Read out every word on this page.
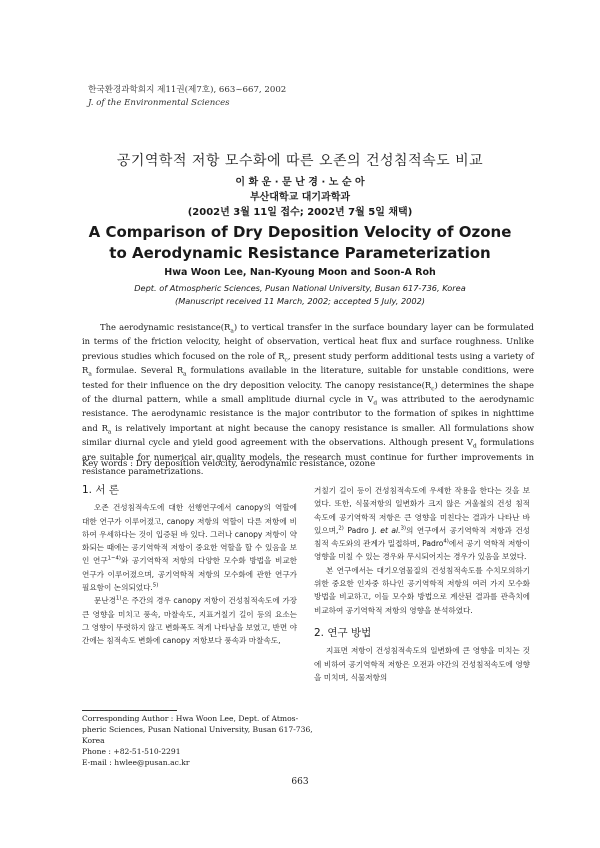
한국환경과학회지 제11권(제7호), 663~667, 2002
J. of the Environmental Sciences
공기역학적 저항 모수화에 따른 오존의 건성침적속도 비교
이 화 운 · 문 난 경 · 노 순 아
부산대학교 대기과학과
(2002년 3월 11일 접수; 2002년 7월 5일 채택)
A Comparison of Dry Deposition Velocity of Ozone
to Aerodynamic Resistance Parameterization
Hwa Woon Lee, Nan-Kyoung Moon and Soon-A Roh
Dept. of Atmospheric Sciences, Pusan National University, Busan 617-736, Korea
(Manuscript received 11 March, 2002; accepted 5 July, 2002)
The aerodynamic $resistance(R_a)$ to vertical transfer in the surface boundary layer can be formulated in terms of the friction velocity, height of observation, vertical heat flux and surface roughness. Unlike previous studies which focused on the role of $R_c$, present study perform additional tests using a variety of $R_a$ formulae. Several $R_a$ formulations available in the literature, suitable for unstable conditions, were tested for their influence on the dry deposition velocity. The canopy $resistance(R_c)$ determines the shape of the diurnal pattern, while a small amplitude diurnal cycle in $V_d$ was attributed to the aerodynamic resistance. The aerodynamic resistance is the major contributor to the formation of spikes in nighttime and $R_a$ is relatively important at night because the canopy resistance is smaller. All formulations show similar diurnal cycle and yield good agreement with the observations. Although present $V_d$ formulations are suitable for numerical air quality models, the research must continue for further improvements in resistance parametrizations.
Key words : Dry deposition velocity, aerodynamic resistance, ozone
1. 서 론

오존 건성침적속도에 대한 선행연구에서 canopy의 역할에 대한 연구가 이루어졌고, canopy 저항의 역할이 다른 저항에 비하여 우세하다는 것이 입증된 바 있다. 그러나 canopy 저항이 약화되는 때에는 공기역학적 저항이 중요한 역할을 할 수 있음을 보인 연구$^{1\sim 4)}$와 공기역학적 저항의 다양한 모수화 방법을 비교한 연구가 이루어졌으며, 공기역학적 저항의 모수화에 관한 연구가 필요함이 논의되었다.$^{5)}$

문난경$^{1)}$은 주간의 경우 canopy 저항이 건성침적속도에 가장 큰 영향을 미치고 풍속, 마찰속도, 지표거칠기 길이 등의 요소는 그 영향이 뚜렷하지 않고 변화폭도 적게 나타남을 보였고, 반면 야간에는 침적속도 변화에 canopy 저항보다 풍속과 마찰속도,

Corresponding Author : Hwa Woon Lee, Dept. of Atmos-
pheric Sciences, Pusan National University, Busan 617-736,
Korea
Phone : +82-51-510-2291
E-mail : hwlee@pusan.ac.kr

거칠기 길이 등이 건성침적속도에 우세한 작용을 한다는 것을 보였다. 또한, 식물저항의 일변화가 크지 않은 겨울철의 건성 침적 속도에 공기역학적 저항은 큰 영향을 미친다는 결과가 나타난 바 있으며,$^{2)}$ Padro J. et al.$^{3)}$의 연구에서 공기역학적 저항과 건성 침적 속도와의 관계가 밀접하며, Padro$^{4)}$에서 공기 역학적 저항이 영향을 미칠 수 있는 경우와 무시되어지는 경우가 있음을 보였다.

본 연구에서는 대기오염물질의 건성침적속도를 수치모의하기 위한 중요한 인자중 하나인 공기역학적 저항의 여러 가지 모수화 방법을 비교하고, 이들 모수화 방법으로 계산된 결과를 관측치에 비교하여 공기역학적 저항의 영향을 분석하였다.

2. 연구 방법

지표면 저항이 건성침적속도의 일변화에 큰 영향을 미치는 것에 비하여 공기역학적 저항은 오전과 야간의 건성침적속도에 영향을 미치며, 식물저항의

663
